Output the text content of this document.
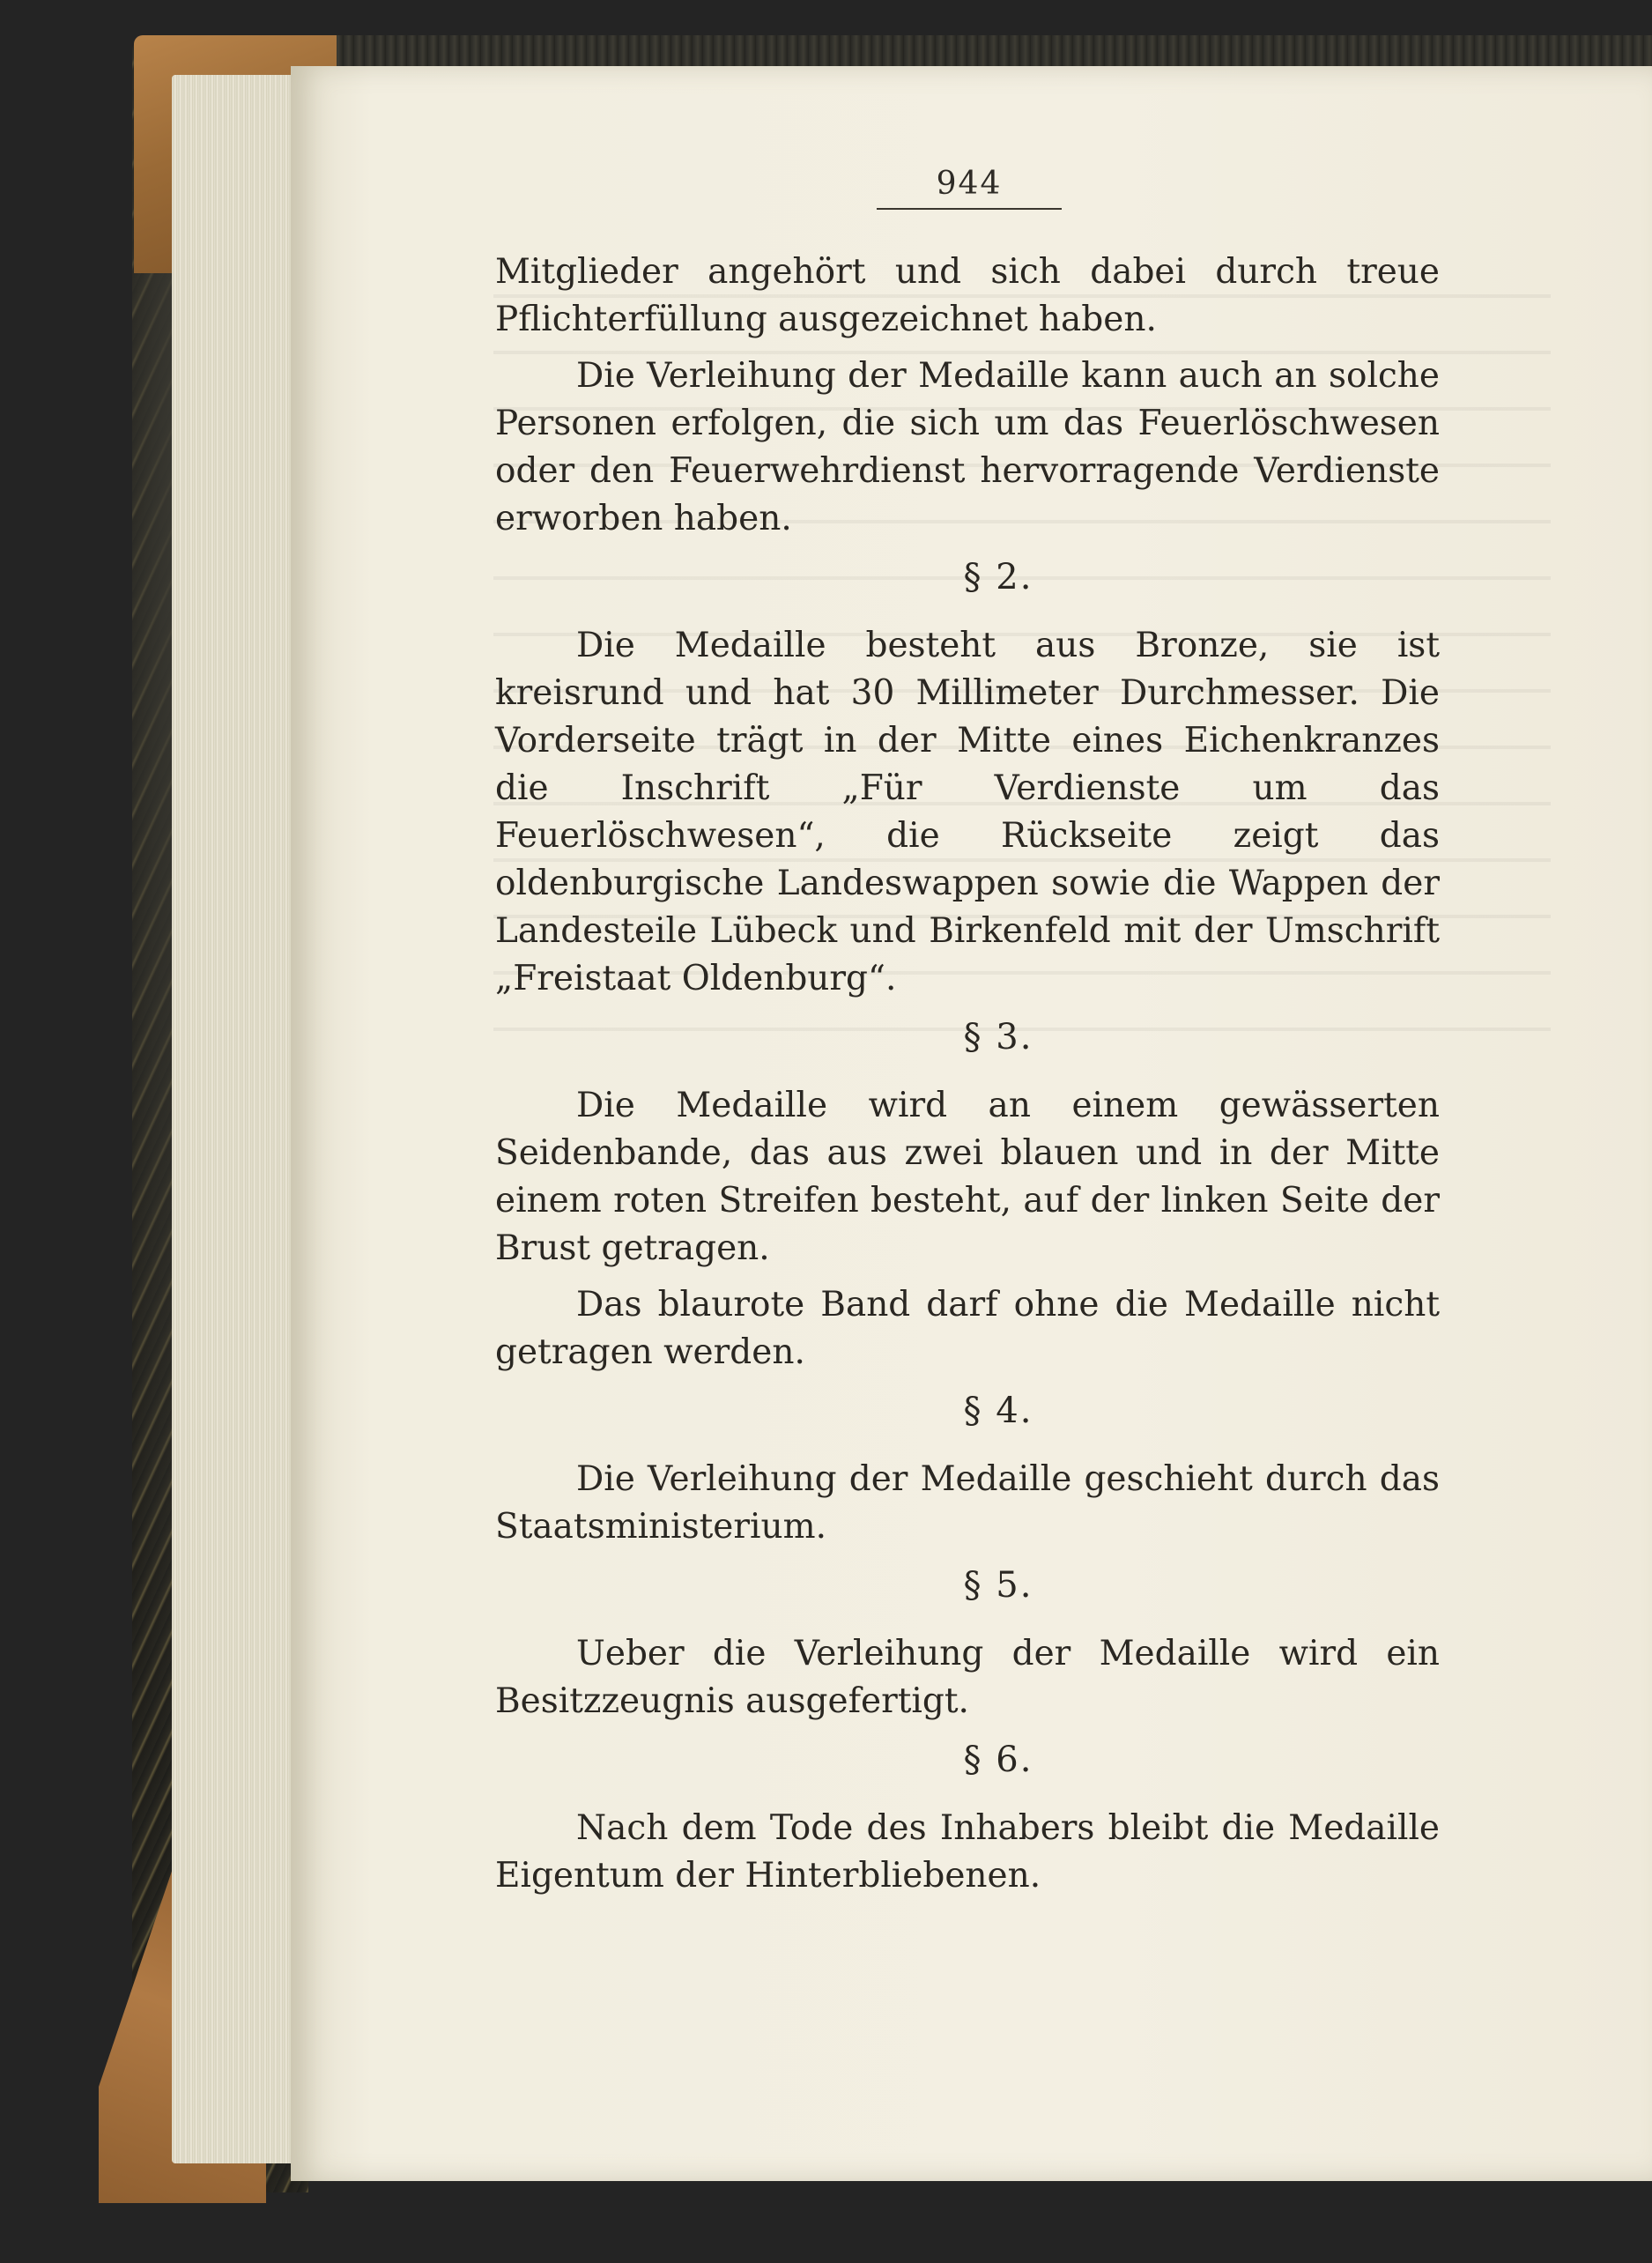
944

Mitglieder angehört und sich dabei durch treue Pflichterfüllung ausgezeichnet haben.

Die Verleihung der Medaille kann auch an solche Personen erfolgen, die sich um das Feuerlöschwesen oder den Feuerwehrdienst hervorragende Verdienste erworben haben.

§ 2.

Die Medaille besteht aus Bronze, sie ist kreisrund und hat 30 Millimeter Durchmesser. Die Vorderseite trägt in der Mitte eines Eichenkranzes die Inschrift „Für Verdienste um das Feuerlöschwesen“, die Rückseite zeigt das oldenburgische Landeswappen sowie die Wappen der Landesteile Lübeck und Birkenfeld mit der Umschrift „Freistaat Oldenburg“.

§ 3.

Die Medaille wird an einem gewässerten Seidenbande, das aus zwei blauen und in der Mitte einem roten Streifen besteht, auf der linken Seite der Brust getragen.

Das blaurote Band darf ohne die Medaille nicht getragen werden.

§ 4.

Die Verleihung der Medaille geschieht durch das Staatsministerium.

§ 5.

Ueber die Verleihung der Medaille wird ein Besitzzeugnis ausgefertigt.

§ 6.

Nach dem Tode des Inhabers bleibt die Medaille Eigentum der Hinterbliebenen.
